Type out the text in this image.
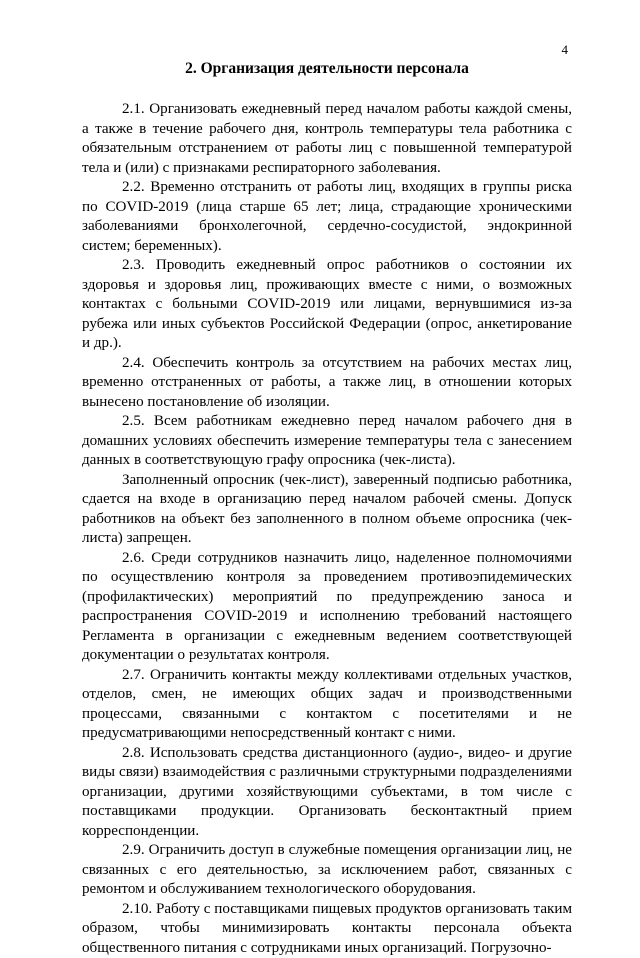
4
2. Организация деятельности персонала

2.1. Организовать ежедневный перед началом работы каждой смены, а также в течение рабочего дня, контроль температуры тела работника с обязательным отстранением от работы лиц с повышенной температурой тела и (или) с признаками респираторного заболевания.

2.2. Временно отстранить от работы лиц, входящих в группы риска по COVID-2019 (лица старше 65 лет; лица, страдающие хроническими заболеваниями бронхолегочной, сердечно-сосудистой, эндокринной систем; беременных).

2.3. Проводить ежедневный опрос работников о состоянии их здоровья и здоровья лиц, проживающих вместе с ними, о возможных контактах с больными COVID-2019 или лицами, вернувшимися из-за рубежа или иных субъектов Российской Федерации (опрос, анкетирование и др.).

2.4. Обеспечить контроль за отсутствием на рабочих местах лиц, временно отстраненных от работы, а также лиц, в отношении которых вынесено постановление об изоляции.

2.5. Всем работникам ежедневно перед началом рабочего дня в домашних условиях обеспечить измерение температуры тела с занесением данных в соответствующую графу опросника (чек-листа).

Заполненный опросник (чек-лист), заверенный подписью работника, сдается на входе в организацию перед началом рабочей смены. Допуск работников на объект без заполненного в полном объеме опросника (чек-листа) запрещен.

2.6. Среди сотрудников назначить лицо, наделенное полномочиями по осуществлению контроля за проведением противоэпидемических (профилактических) мероприятий по предупреждению заноса и распространения COVID-2019 и исполнению требований настоящего Регламента в организации с ежедневным ведением соответствующей документации о результатах контроля.

2.7. Ограничить контакты между коллективами отдельных участков, отделов, смен, не имеющих общих задач и производственными процессами, связанными с контактом с посетителями и не предусматривающими непосредственный контакт с ними.

2.8. Использовать средства дистанционного (аудио-, видео- и другие виды связи) взаимодействия с различными структурными подразделениями организации, другими хозяйствующими субъектами, в том числе с поставщиками продукции. Организовать бесконтактный прием корреспонденции.

2.9. Ограничить доступ в служебные помещения организации лиц, не связанных с его деятельностью, за исключением работ, связанных с ремонтом и обслуживанием технологического оборудования.

2.10. Работу с поставщиками пищевых продуктов организовать таким образом, чтобы минимизировать контакты персонала объекта общественного питания с сотрудниками иных организаций. Погрузочно-
